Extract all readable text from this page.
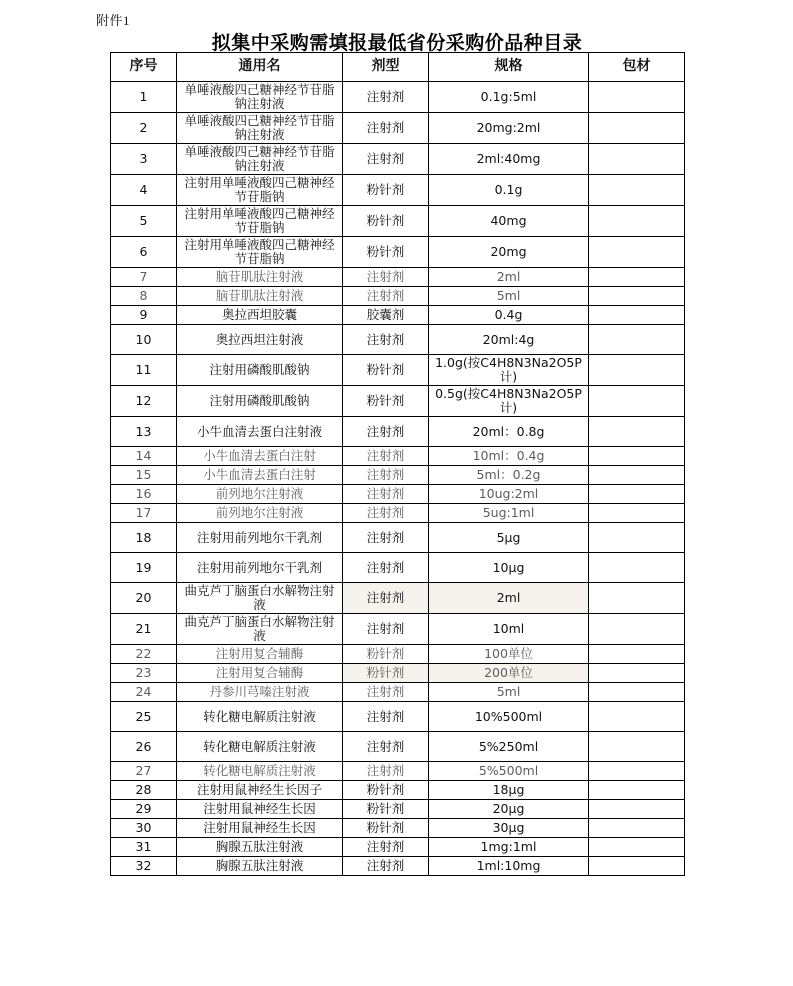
附件1
拟集中采购需填报最低省份采购价品种目录
序号	通用名	剂型	规格	包材
1	单唾液酸四己糖神经节苷脂钠注射液	注射剂	0.1g:5ml	
2	单唾液酸四己糖神经节苷脂钠注射液	注射剂	20mg:2ml	
3	单唾液酸四己糖神经节苷脂钠注射液	注射剂	2ml:40mg	
4	注射用单唾液酸四己糖神经节苷脂钠	粉针剂	0.1g	
5	注射用单唾液酸四己糖神经节苷脂钠	粉针剂	40mg	
6	注射用单唾液酸四己糖神经节苷脂钠	粉针剂	20mg	
7	脑苷肌肽注射液	注射剂	2ml	
8	脑苷肌肽注射液	注射剂	5ml	
9	奥拉西坦胶囊	胶囊剂	0.4g	
10	奥拉西坦注射液	注射剂	20ml:4g	
11	注射用磷酸肌酸钠	粉针剂	1.0g(按C4H8N3Na2O5P计)	
12	注射用磷酸肌酸钠	粉针剂	0.5g(按C4H8N3Na2O5P计)	
13	小牛血清去蛋白注射液	注射剂	20ml：0.8g	
14	小牛血清去蛋白注射	注射剂	10ml：0.4g	
15	小牛血清去蛋白注射	注射剂	5ml：0.2g	
16	前列地尔注射液	注射剂	10ug:2ml	
17	前列地尔注射液	注射剂	5ug:1ml	
18	注射用前列地尔干乳剂	注射剂	5μg	
19	注射用前列地尔干乳剂	注射剂	10μg	
20	曲克芦丁脑蛋白水解物注射液	注射剂	2ml	
21	曲克芦丁脑蛋白水解物注射液	注射剂	10ml	
22	注射用复合辅酶	粉针剂	100单位	
23	注射用复合辅酶	粉针剂	200单位	
24	丹参川芎嗪注射液	注射剂	5ml	
25	转化糖电解质注射液	注射剂	10%500ml	
26	转化糖电解质注射液	注射剂	5%250ml	
27	转化糖电解质注射液	注射剂	5%500ml	
28	注射用鼠神经生长因子	粉针剂	18μg	
29	注射用鼠神经生长因	粉针剂	20μg	
30	注射用鼠神经生长因	粉针剂	30μg	
31	胸腺五肽注射液	注射剂	1mg:1ml	
32	胸腺五肽注射液	注射剂	1ml:10mg	
